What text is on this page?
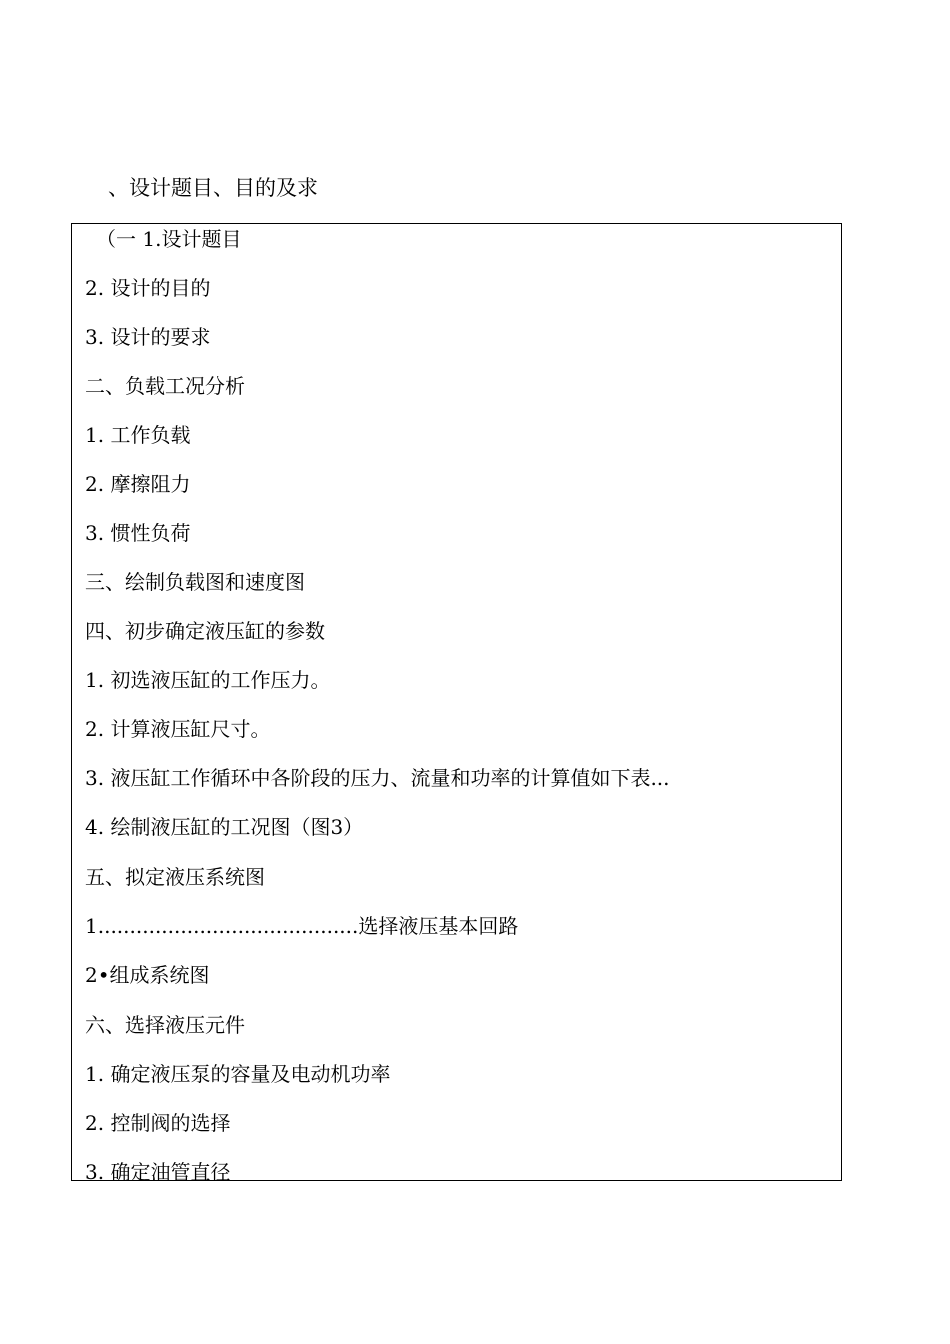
、设计题目、目的及求
（一 1.设计题目
2. 设计的目的
3. 设计的要求
二、负载工况分析
1. 工作负载
2. 摩擦阻力
3. 惯性负荷
三、绘制负载图和速度图
四、初步确定液压缸的参数
1. 初选液压缸的工作压力。
2. 计算液压缸尺寸。
3. 液压缸工作循环中各阶段的压力、流量和功率的计算值如下表...
4. 绘制液压缸的工况图（图3）
五、拟定液压系统图
1.........................................选择液压基本回路
2•组成系统图
六、选择液压元件
1. 确定液压泵的容量及电动机功率
2. 控制阀的选择
3. 确定油管直径
